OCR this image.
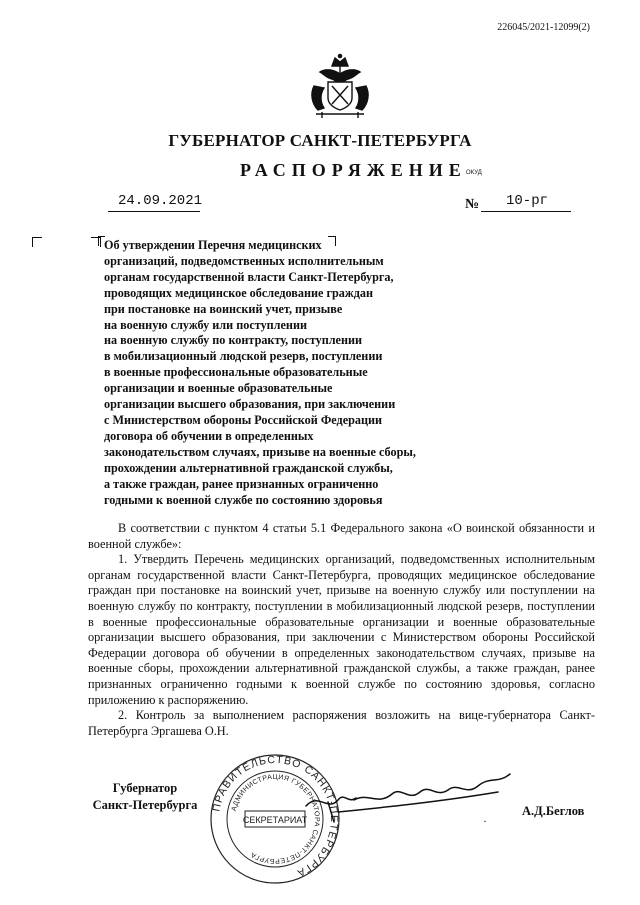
226045/2021-12099(2)
ГУБЕРНАТОР САНКТ-ПЕТЕРБУРГА
РАСПОРЯЖЕНИЕ ОКУД
24.09.2021	№ 10-рг
Об утверждении Перечня медицинских
организаций, подведомственных исполнительным
органам государственной власти Санкт-Петербурга,
проводящих медицинское обследование граждан
при постановке на воинский учет, призыве
на военную службу или поступлении
на военную службу по контракту, поступлении
в мобилизационный людской резерв, поступлении
в военные профессиональные образовательные
организации и военные образовательные
организации высшего образования, при заключении
с Министерством обороны Российской Федерации
договора об обучении в определенных
законодательством случаях, призыве на военные сборы,
прохождении альтернативной гражданской службы,
а также граждан, ранее признанных ограниченно
годными к военной службе по состоянию здоровья

В соответствии с пунктом 4 статьи 5.1 Федерального закона «О воинской обязанности и военной службе»:

1. Утвердить Перечень медицинских организаций, подведомственных исполнительным органам государственной власти Санкт-Петербурга, проводящих медицинское обследование граждан при постановке на воинский учет, призыве на военную службу или поступлении на военную службу по контракту, поступлении в мобилизационный людской резерв, поступлении в военные профессиональные образовательные организации и военные образовательные организации высшего образования, при заключении с Министерством обороны Российской Федерации договора об обучении в определенных законодательством случаях, призыве на военные сборы, прохождении альтернативной гражданской службы, а также граждан, ранее признанных ограниченно годными к военной службе по состоянию здоровья, согласно приложению к распоряжению.

2. Контроль за выполнением распоряжения возложить на вице-губернатора Санкт-Петербурга Эргашева О.Н.

Губернатор
Санкт-Петербурга	ПРАВИТЕЛЬСТВО САНКТ-ПЕТЕРБУРГА
АДМИНИСТРАЦИЯ ГУБЕРНАТОРА САНКТ-ПЕТЕРБУРГА
СЕКРЕТАРИАТ	·
А.Д.Беглов
